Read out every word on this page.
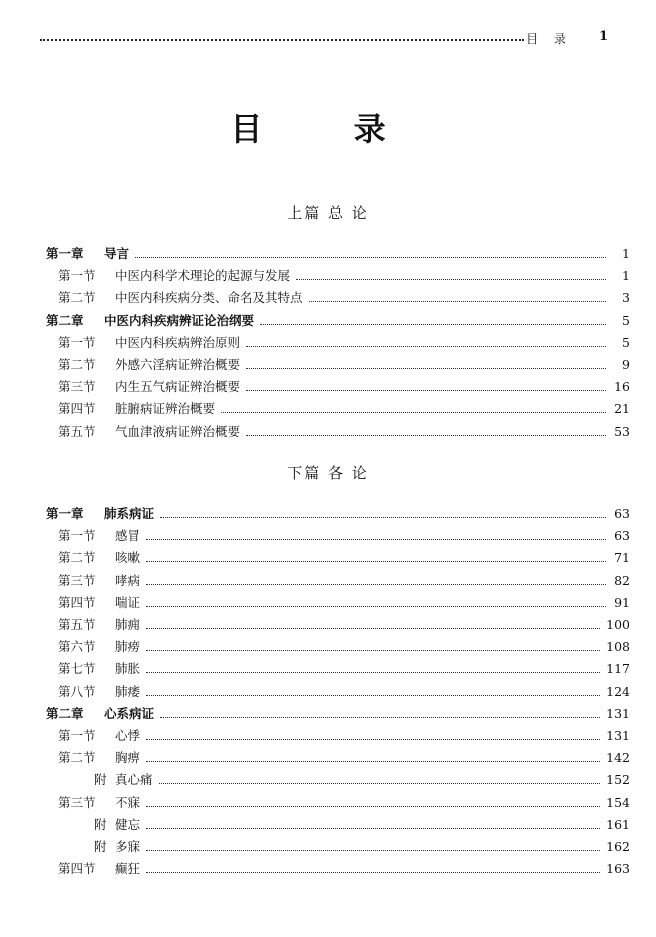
目 录 1
目 录
上篇 总 论
第一章 导言	1
第一节 中医内科学术理论的起源与发展	1
第二节 中医内科疾病分类、命名及其特点	3
第二章 中医内科疾病辨证论治纲要	5
第一节 中医内科疾病辨治原则	5
第二节 外感六淫病证辨治概要	9
第三节 内生五气病证辨治概要	16
第四节 脏腑病证辨治概要	21
第五节 气血津液病证辨治概要	53
下篇 各 论
第一章 肺系病证	63
第一节 感冒	63
第二节 咳嗽	71
第三节 哮病	82
第四节 喘证	91
第五节 肺痈	100
第六节 肺痨	108
第七节 肺胀	117
第八节 肺痿	124
第二章 心系病证	131
第一节 心悸	131
第二节 胸痹	142
附 真心痛	152
第三节 不寐	154
附 健忘	161
附 多寐	162
第四节 癫狂	163
